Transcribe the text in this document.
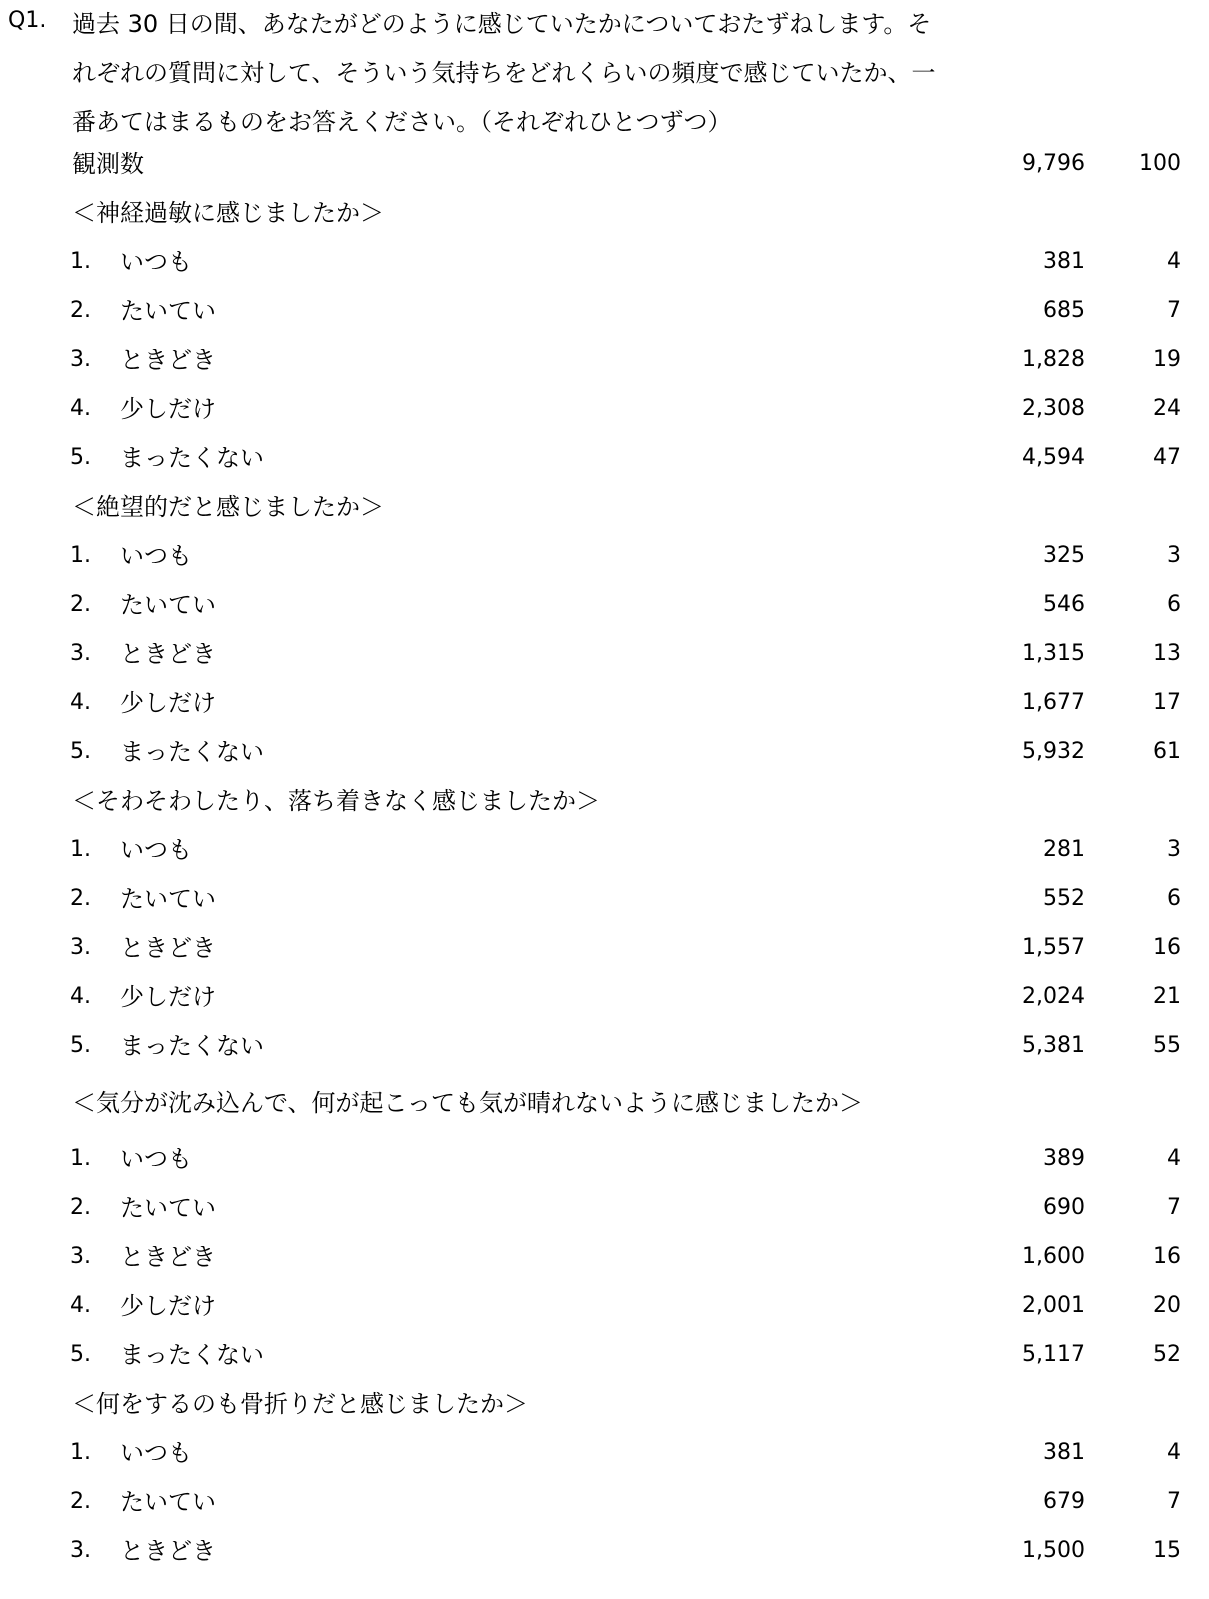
Q1. 過去 30 日の間、あなたがどのように感じていたかについておたずねします。そ
れぞれの質問に対して、そういう気持ちをどれくらいの頻度で感じていたか、一
番あてはまるものをお答えください。（それぞれひとつずつ）
観測数	9,796 100
＜神経過敏に感じましたか＞
1. いつも	381	4
2. たいてい	685	7
3. ときどき	1,828	19
4. 少しだけ	2,308	24
5. まったくない	4,594	47
＜絶望的だと感じましたか＞
1. いつも	325	3
2. たいてい	546	6
3. ときどき	1,315	13
4. 少しだけ	1,677	17
5. まったくない	5,932	61
＜そわそわしたり、落ち着きなく感じましたか＞
1. いつも	281	3
2. たいてい	552	6
3. ときどき	1,557	16
4. 少しだけ	2,024	21
5. まったくない	5,381	55
＜気分が沈み込んで、何が起こっても気が晴れないように感じましたか＞
1. いつも	389	4
2. たいてい	690	7
3. ときどき	1,600	16
4. 少しだけ	2,001	20
5. まったくない	5,117	52
＜何をするのも骨折りだと感じましたか＞
1. いつも	381	4
2. たいてい	679	7
3. ときどき	1,500	15
